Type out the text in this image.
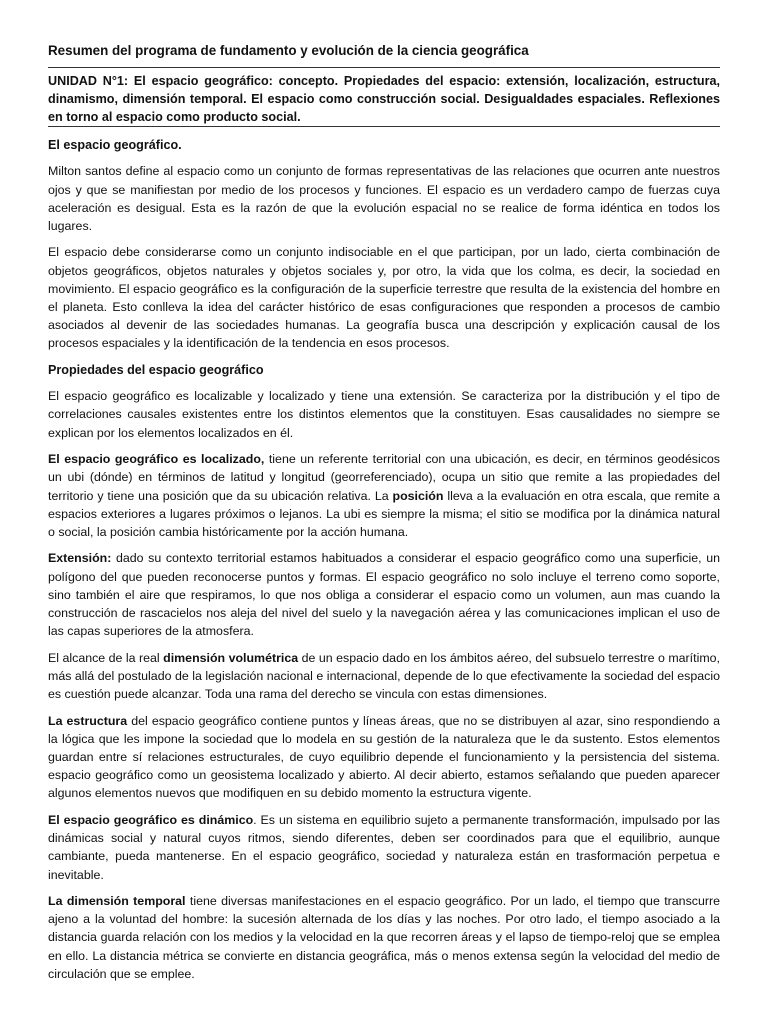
Resumen del programa de fundamento y evolución de la ciencia geográfica
UNIDAD N°1: El espacio geográfico: concepto. Propiedades del espacio: extensión, localización, estructura, dinamismo, dimensión temporal. El espacio como construcción social. Desigualdades espaciales. Reflexiones en torno al espacio como producto social.
El espacio geográfico.

Milton santos define al espacio como un conjunto de formas representativas de las relaciones que ocurren ante nuestros ojos y que se manifiestan por medio de los procesos y funciones. El espacio es un verdadero campo de fuerzas cuya aceleración es desigual. Esta es la razón de que la evolución espacial no se realice de forma idéntica en todos los lugares.

El espacio debe considerarse como un conjunto indisociable en el que participan, por un lado, cierta combinación de objetos geográficos, objetos naturales y objetos sociales y, por otro, la vida que los colma, es decir, la sociedad en movimiento. El espacio geográfico es la configuración de la superficie terrestre que resulta de la existencia del hombre en el planeta. Esto conlleva la idea del carácter histórico de esas configuraciones que responden a procesos de cambio asociados al devenir de las sociedades humanas. La geografía busca una descripción y explicación causal de los procesos espaciales y la identificación de la tendencia en esos procesos.

Propiedades del espacio geográfico

El espacio geográfico es localizable y localizado y tiene una extensión. Se caracteriza por la distribución y el tipo de correlaciones causales existentes entre los distintos elementos que la constituyen. Esas causalidades no siempre se explican por los elementos localizados en él.

El espacio geográfico es localizado, tiene un referente territorial con una ubicación, es decir, en términos geodésicos un ubi (dónde) en términos de latitud y longitud (georreferenciado), ocupa un sitio que remite a las propiedades del territorio y tiene una posición que da su ubicación relativa. La posición lleva a la evaluación en otra escala, que remite a espacios exteriores a lugares próximos o lejanos. La ubi es siempre la misma; el sitio se modifica por la dinámica natural o social, la posición cambia históricamente por la acción humana.

Extensión: dado su contexto territorial estamos habituados a considerar el espacio geográfico como una superficie, un polígono del que pueden reconocerse puntos y formas. El espacio geográfico no solo incluye el terreno como soporte, sino también el aire que respiramos, lo que nos obliga a considerar el espacio como un volumen, aun mas cuando la construcción de rascacielos nos aleja del nivel del suelo y la navegación aérea y las comunicaciones implican el uso de las capas superiores de la atmosfera.

El alcance de la real dimensión volumétrica de un espacio dado en los ámbitos aéreo, del subsuelo terrestre o marítimo, más allá del postulado de la legislación nacional e internacional, depende de lo que efectivamente la sociedad del espacio es cuestión puede alcanzar. Toda una rama del derecho se vincula con estas dimensiones.

La estructura del espacio geográfico contiene puntos y líneas áreas, que no se distribuyen al azar, sino respondiendo a la lógica que les impone la sociedad que lo modela en su gestión de la naturaleza que le da sustento. Estos elementos guardan entre sí relaciones estructurales, de cuyo equilibrio depende el funcionamiento y la persistencia del sistema. espacio geográfico como un geosistema localizado y abierto. Al decir abierto, estamos señalando que pueden aparecer algunos elementos nuevos que modifiquen en su debido momento la estructura vigente.

El espacio geográfico es dinámico. Es un sistema en equilibrio sujeto a permanente transformación, impulsado por las dinámicas social y natural cuyos ritmos, siendo diferentes, deben ser coordinados para que el equilibrio, aunque cambiante, pueda mantenerse. En el espacio geográfico, sociedad y naturaleza están en trasformación perpetua e inevitable.

La dimensión temporal tiene diversas manifestaciones en el espacio geográfico. Por un lado, el tiempo que transcurre ajeno a la voluntad del hombre: la sucesión alternada de los días y las noches. Por otro lado, el tiempo asociado a la distancia guarda relación con los medios y la velocidad en la que recorren áreas y el lapso de tiempo-reloj que se emplea en ello. La distancia métrica se convierte en distancia geográfica, más o menos extensa según la velocidad del medio de circulación que se emplee.
